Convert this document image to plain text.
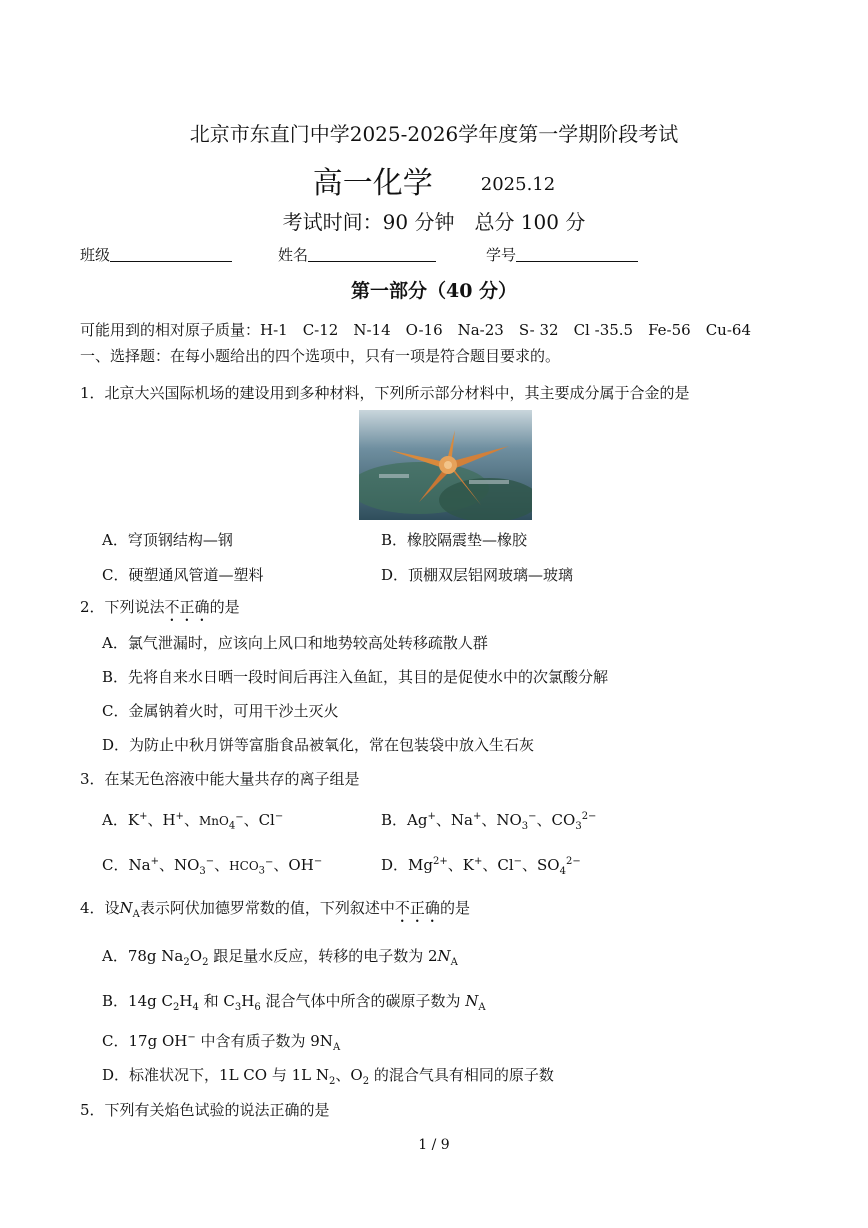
北京市东直门中学2025-2026学年度第一学期阶段考试
高一化学	2025.12
考试时间：90 分钟　总分 100 分
班级	姓名	学号
第一部分（40 分）
可能用到的相对原子质量：H-1　C-12　N-14　O-16　Na-23　S- 32　Cl -35.5　Fe-56　Cu-64
一、选择题：在每小题给出的四个选项中，只有一项是符合题目要求的。
1．北京大兴国际机场的建设用到多种材料，下列所示部分材料中，其主要成分属于合金的是
A．穹顶钢结构—钢	B．橡胶隔震垫—橡胶
C．硬塑通风管道—塑料	D．顶棚双层铝网玻璃—玻璃
2．下列说法不正确的是
A．氯气泄漏时，应该向上风口和地势较高处转移疏散人群
B．先将自来水日晒一段时间后再注入鱼缸，其目的是促使水中的次氯酸分解
C．金属钠着火时，可用干沙土灭火
D．为防止中秋月饼等富脂食品被氧化，常在包装袋中放入生石灰
3．在某无色溶液中能大量共存的离子组是
A．K+、H+、MnO$_4$−、Cl−	B．Ag+、Na+、$NO_3^-$、$CO_3^{2-}$
C．Na+、$NO_3^-$、$HCO_3^-$、OH−	D．$Mg^{2+}$、K+、Cl−、$SO_4^{2-}$
4．设$N_A$表示阿伏加德罗常数的值，下列叙述中不正确的是
A．78g $Na_2O_2$ 跟足量水反应，转移的电子数为 $2N_A$
B．14g $C_2H_4$ 和 $C_3H_6$ 混合气体中所含的碳原子数为 $N_A$
C．17g OH− 中含有质子数为 $9N_A$
D．标准状况下，1L CO 与 1L $N_2$、$O_2$ 的混合气具有相同的原子数
5．下列有关焰色试验的说法正确的是
1 / 9
